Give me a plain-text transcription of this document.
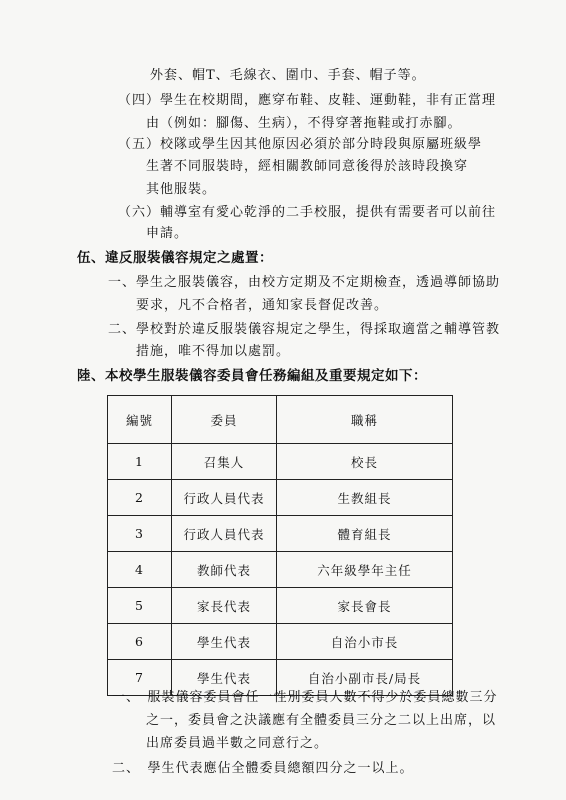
外套、帽T、毛線衣、圍巾、手套、帽子等。
（四）學生在校期間，應穿布鞋、皮鞋、運動鞋，非有正當理
由（例如：腳傷、生病），不得穿著拖鞋或打赤腳。
（五）校隊或學生因其他原因必須於部分時段與原屬班級學
生著不同服裝時，經相關教師同意後得於該時段換穿
其他服裝。
（六）輔導室有愛心乾淨的二手校服，提供有需要者可以前往
申請。
伍、違反服裝儀容規定之處置：
一、學生之服裝儀容，由校方定期及不定期檢查，透過導師協助
要求，凡不合格者，通知家長督促改善。
二、學校對於違反服裝儀容規定之學生，得採取適當之輔導管教
措施，唯不得加以處罰。
陸、本校學生服裝儀容委員會任務編組及重要規定如下：
編號	委員	職稱
1	召集人	校長
2	行政人員代表	生教組長
3	行政人員代表	體育組長
4	教師代表	六年級學年主任
5	家長代表	家長會長
6	學生代表	自治小市長
7	學生代表	自治小副市長/局長
一、　服裝儀容委員會任一性別委員人數不得少於委員總數三分
之一，委員會之決議應有全體委員三分之二以上出席，以
出席委員過半數之同意行之。
二、　學生代表應佔全體委員總額四分之一以上。
